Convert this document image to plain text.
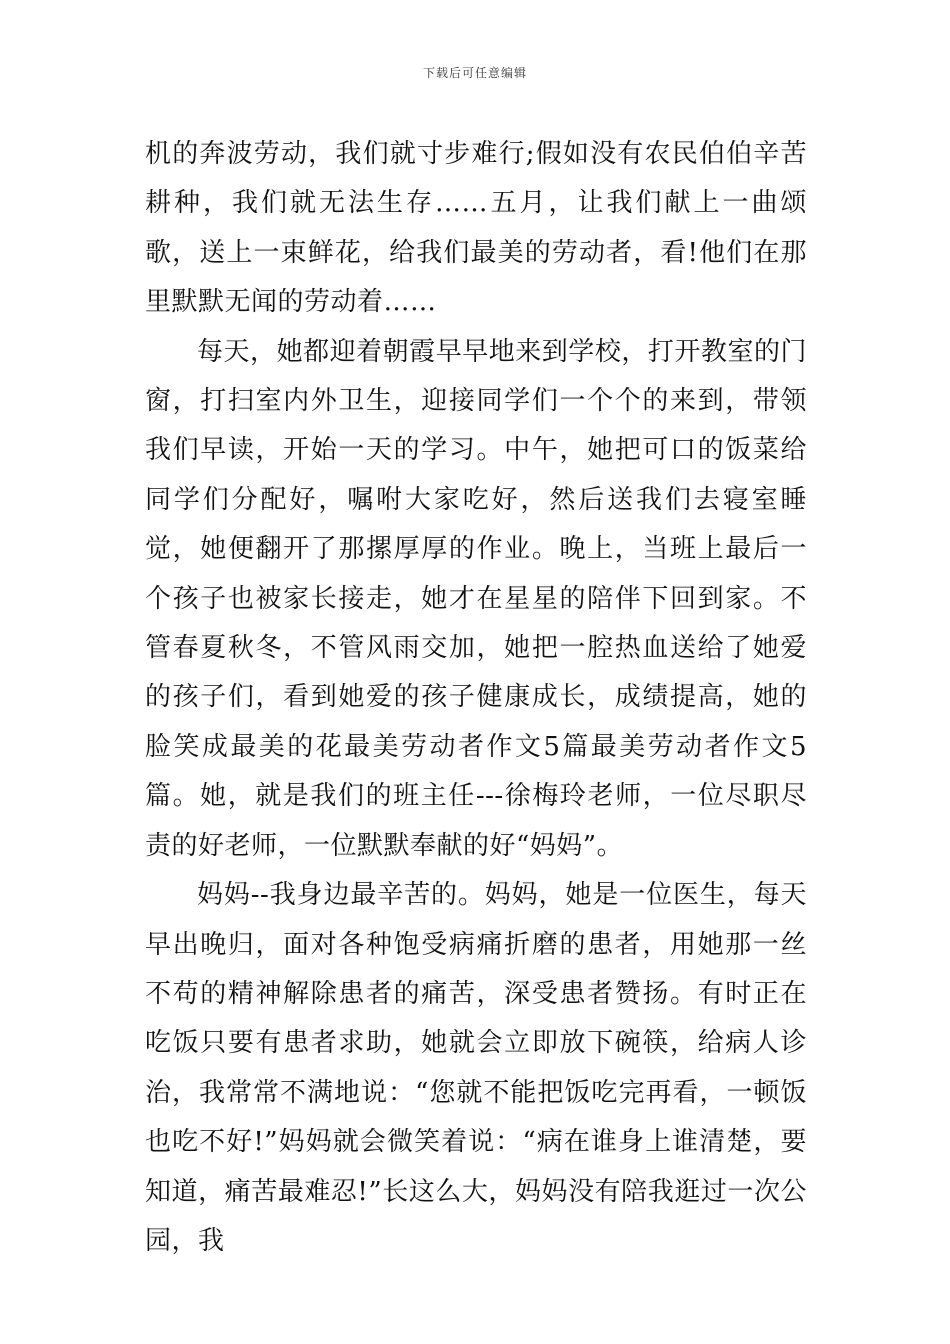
下载后可任意编辑

机的奔波劳动，我们就寸步难行;假如没有农民伯伯辛苦耕种，我们就无法生存……五月，让我们献上一曲颂歌，送上一束鲜花，给我们最美的劳动者，看!他们在那里默默无闻的劳动着……

每天，她都迎着朝霞早早地来到学校，打开教室的门窗，打扫室内外卫生，迎接同学们一个个的来到，带领我们早读，开始一天的学习。中午，她把可口的饭菜给同学们分配好，嘱咐大家吃好，然后送我们去寝室睡觉，她便翻开了那摞厚厚的作业。晚上，当班上最后一个孩子也被家长接走，她才在星星的陪伴下回到家。不管春夏秋冬，不管风雨交加，她把一腔热血送给了她爱的孩子们，看到她爱的孩子健康成长，成绩提高，她的脸笑成最美的花最美劳动者作文5篇最美劳动者作文5篇。她，就是我们的班主任---徐梅玲老师，一位尽职尽责的好老师，一位默默奉献的好“妈妈”。

妈妈--我身边最辛苦的。妈妈，她是一位医生，每天早出晚归，面对各种饱受病痛折磨的患者，用她那一丝不苟的精神解除患者的痛苦，深受患者赞扬。有时正在吃饭只要有患者求助，她就会立即放下碗筷，给病人诊治，我常常不满地说：“您就不能把饭吃完再看，一顿饭也吃不好!”妈妈就会微笑着说：“病在谁身上谁清楚，要知道，痛苦最难忍!”长这么大，妈妈没有陪我逛过一次公园，我
